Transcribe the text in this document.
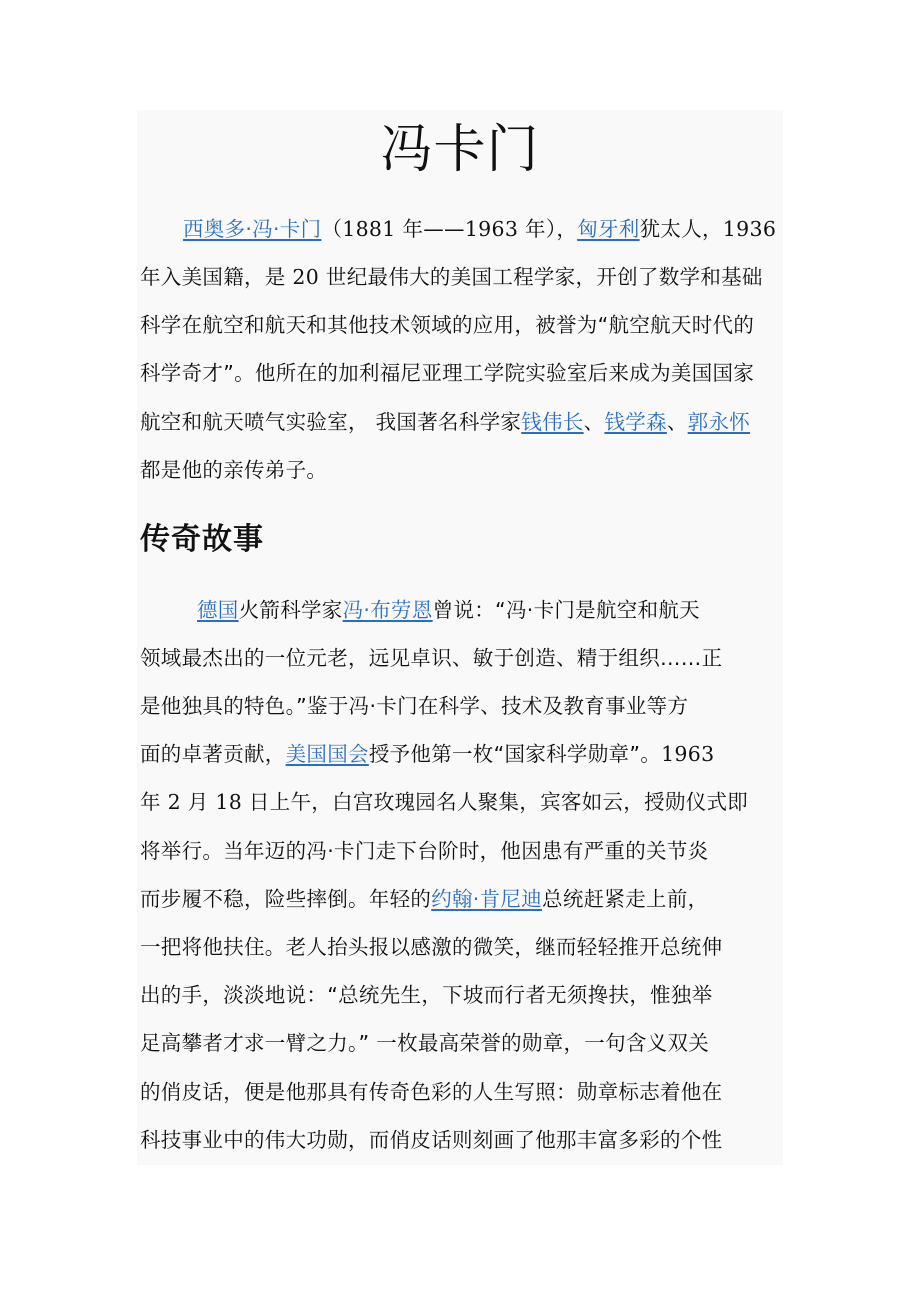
冯卡门
西奥多·冯·卡门（1881 年——1963 年），匈牙利犹太人，1936
年入美国籍，是 20 世纪最伟大的美国工程学家，开创了数学和基础
科学在航空和航天和其他技术领域的应用，被誉为“航空航天时代的
科学奇才”。他所在的加利福尼亚理工学院实验室后来成为美国国家
航空和航天喷气实验室， 我国著名科学家钱伟长、钱学森、郭永怀
都是他的亲传弟子。
传奇故事
德国火箭科学家冯·布劳恩曾说：“冯·卡门是航空和航天
领域最杰出的一位元老，远见卓识、敏于创造、精于组织……正
是他独具的特色。”鉴于冯·卡门在科学、技术及教育事业等方
面的卓著贡献，美国国会授予他第一枚“国家科学勋章”。1963
年 2 月 18 日上午，白宫玫瑰园名人聚集，宾客如云，授勋仪式即
将举行。当年迈的冯·卡门走下台阶时，他因患有严重的关节炎
而步履不稳，险些摔倒。年轻的约翰·肯尼迪总统赶紧走上前，
一把将他扶住。老人抬头报以感激的微笑，继而轻轻推开总统伸
出的手，淡淡地说：“总统先生，下坡而行者无须搀扶，惟独举
足高攀者才求一臂之力。” 一枚最高荣誉的勋章，一句含义双关
的俏皮话，便是他那具有传奇色彩的人生写照：勋章标志着他在
科技事业中的伟大功勋，而俏皮话则刻画了他那丰富多彩的个性
